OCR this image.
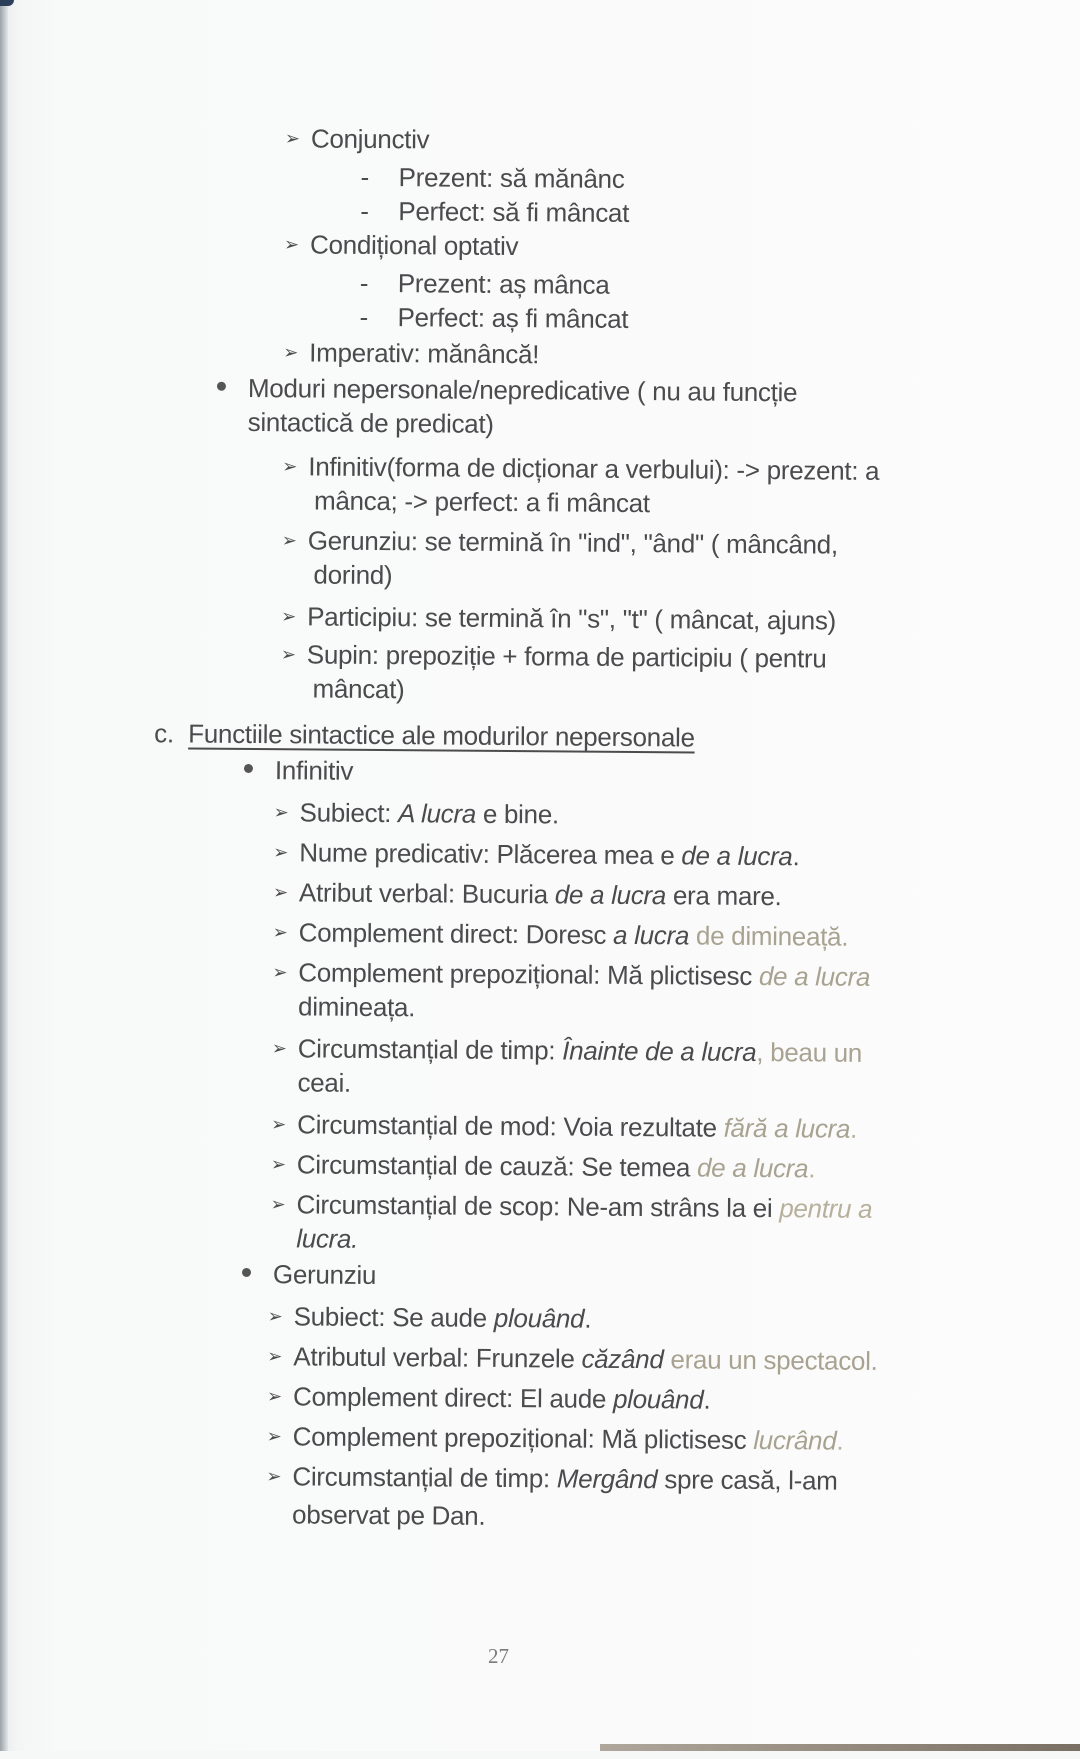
➢ Conjunctiv
- Prezent: să mănânc
- Perfect: să fi mâncat
➢ Condițional optativ
- Prezent: aș mânca
- Perfect: aș fi mâncat
➢ Imperativ: mănâncă!
Moduri nepersonale/nepredicative ( nu au funcție
sintactică de predicat)
➢ Infinitiv(forma de dicționar a verbului): -> prezent: a
mânca; -> perfect: a fi mâncat
➢ Gerunziu: se termină în "ind", "ând" ( mâncând,
dorind)
➢ Participiu: se termină în "s", "t" ( mâncat, ajuns)
➢ Supin: prepoziție + forma de participiu ( pentru
mâncat)
c. Functiile sintactice ale modurilor nepersonale
Infinitiv
➢ Subiect: A lucra e bine.
➢ Nume predicativ: Plăcerea mea e de a lucra.
➢ Atribut verbal: Bucuria de a lucra era mare.
➢ Complement direct: Doresc a lucra de dimineață.
➢ Complement prepozițional: Mă plictisesc de a lucra
dimineața.
➢ Circumstanțial de timp: Înainte de a lucra, beau un
ceai.
➢ Circumstanțial de mod: Voia rezultate fără a lucra.
➢ Circumstanțial de cauză: Se temea de a lucra.
➢ Circumstanțial de scop: Ne-am strâns la ei pentru a
lucra.
Gerunziu
➢ Subiect: Se aude plouând.
➢ Atributul verbal: Frunzele căzând erau un spectacol.
➢ Complement direct: El aude plouând.
➢ Complement prepozițional: Mă plictisesc lucrând.
➢ Circumstanțial de timp: Mergând spre casă, l-am
observat pe Dan.
27
